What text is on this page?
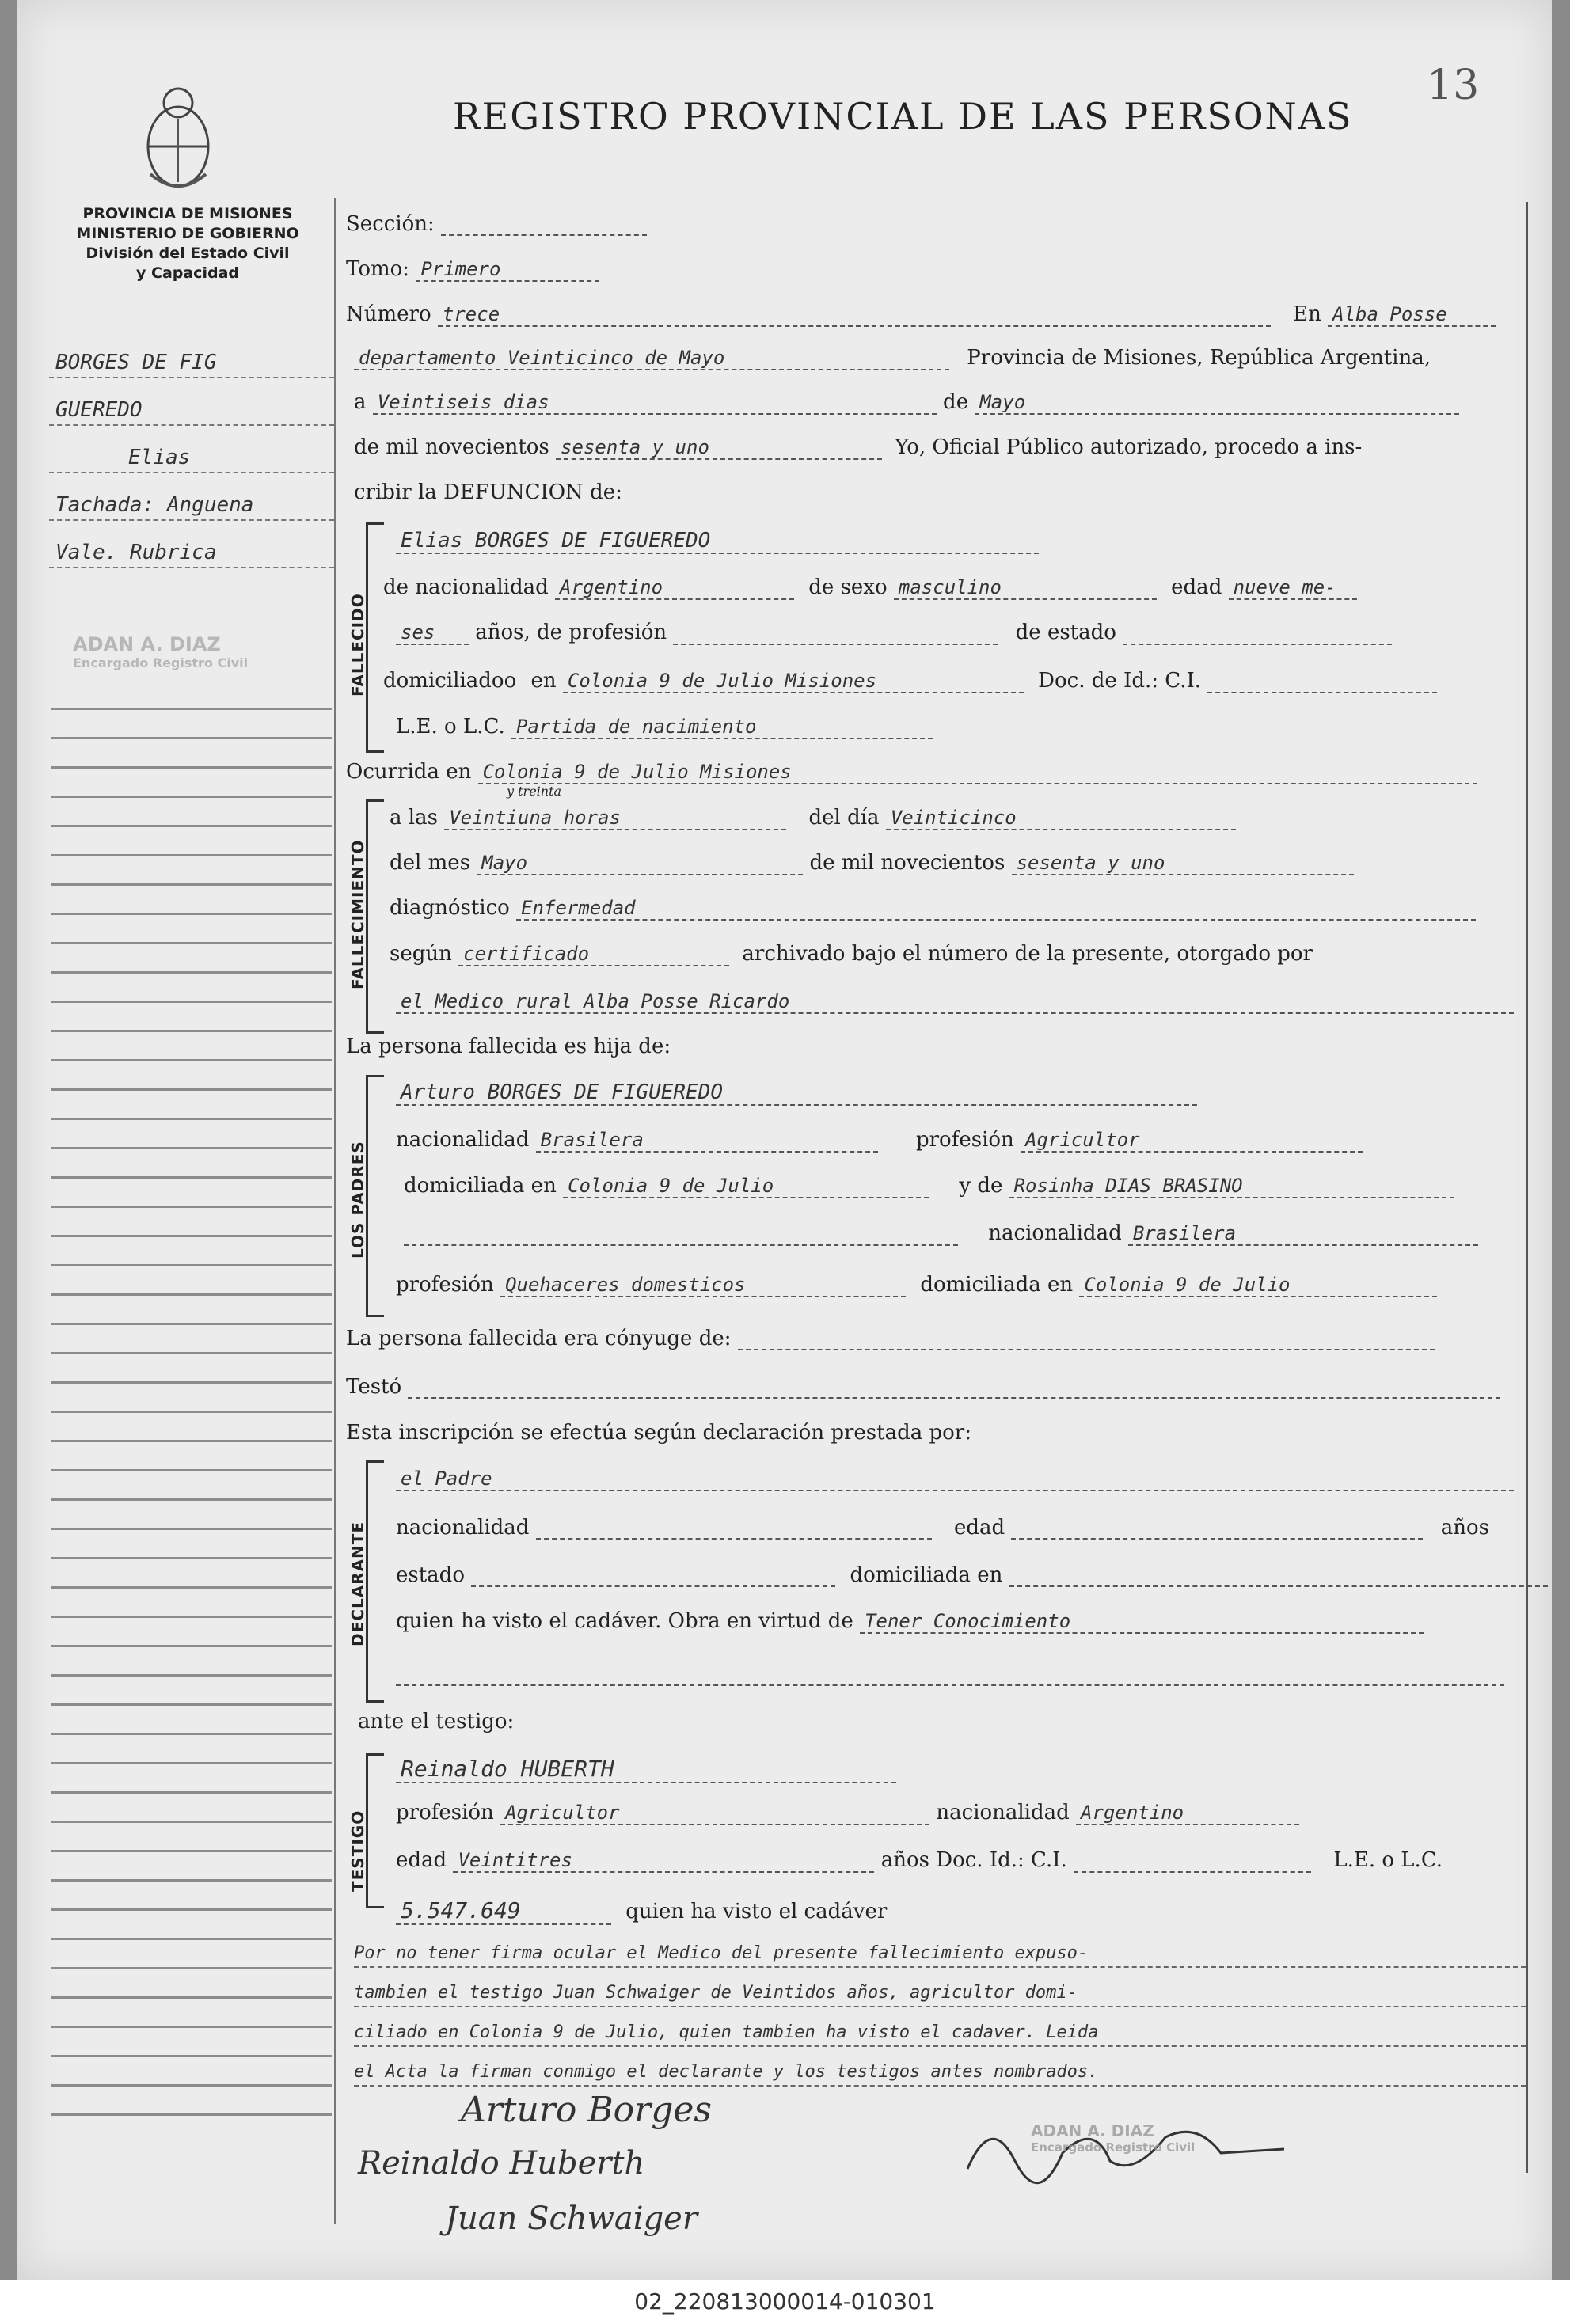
13
REGISTRO PROVINCIAL DE LAS PERSONAS
PROVINCIA DE MISIONES
MINISTERIO DE GOBIERNO
División del Estado Civil
y Capacidad
BORGES DE FIG
GUEREDO
Elias
Tachada: Anguena
Vale. Rubrica
ADAN A. DIAZ
Encargado Registro Civil
Sección:
Tomo: Primero
Número trece	En Alba Posse
departamento Veinticinco de Mayo	Provincia de Misiones, República Argentina,
a Veintiseis dias	de Mayo
de mil novecientos sesenta y uno	Yo, Oficial Público autorizado, procedo a ins-
cribir la DEFUNCION de:
FALLECIDO
Elias BORGES DE FIGUEREDO
de nacionalidad Argentino	de sexo masculino	edad nueve me-
ses años, de profesión	de estado
domiciliadoo en Colonia 9 de Julio Misiones	Doc. de Id.: C.I.
L.E. o L.C. Partida de nacimiento
Ocurrida en Colonia 9 de Julio Misiones
FALLECIMIENTO
y treinta
a las Veintiuna horas	del día Veinticinco
del mes Mayo	de mil novecientos sesenta y uno
diagnóstico Enfermedad
según certificado	archivado bajo el número de la presente, otorgado por
el Medico rural Alba Posse Ricardo
La persona fallecida es hija de:
LOS PADRES
Arturo BORGES DE FIGUEREDO
nacionalidad Brasilera	profesión Agricultor
domiciliada en Colonia 9 de Julio	y de Rosinha DIAS BRASINO
nacionalidad Brasilera
profesión Quehaceres domesticos	domiciliada en Colonia 9 de Julio
La persona fallecida era cónyuge de:
Testó
Esta inscripción se efectúa según declaración prestada por:
DECLARANTE
el Padre
nacionalidad	edad	años
estado	domiciliada en
quien ha visto el cadáver. Obra en virtud de Tener Conocimiento
ante el testigo:
TESTIGO
Reinaldo HUBERTH
profesión Agricultor	nacionalidad Argentino
edad Veintitres	años Doc. Id.: C.I.	L.E. o L.C.
5.547.649	quien ha visto el cadáver
Por no tener firma ocular el Medico del presente fallecimiento expuso-
tambien el testigo Juan Schwaiger de Veintidos años, agricultor domi-
ciliado en Colonia 9 de Julio, quien tambien ha visto el cadaver. Leida
el Acta la firman conmigo el declarante y los testigos antes nombrados.
Arturo Borges
Reinaldo Huberth
Juan Schwaiger
ADAN A. DIAZ
Encargado Registro Civil
02_220813000014-010301
